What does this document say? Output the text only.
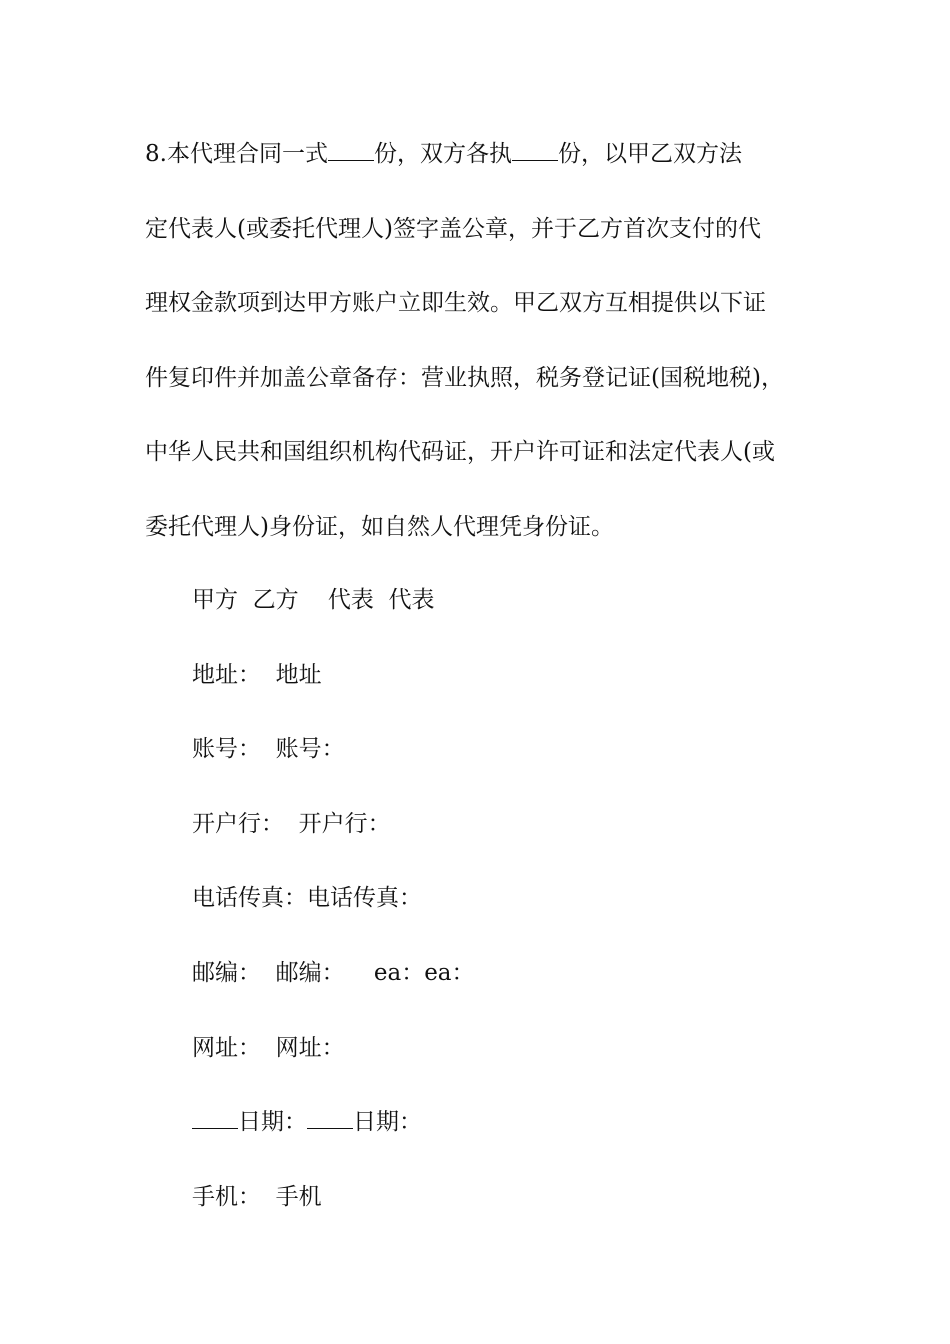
8.本代理合同一式 份，双方各执 份，以甲乙双方法
定代表人(或委托代理人)签字盖公章，并于乙方首次支付的代
理权金款项到达甲方账户立即生效。甲乙双方互相提供以下证
件复印件并加盖公章备存：营业执照，税务登记证(国税地税)，
中华人民共和国组织机构代码证，开户许可证和法定代表人(或
委托代理人)身份证，如自然人代理凭身份证。
甲方  乙方    代表  代表
地址：  地址
账号：  账号：
开户行：  开户行：
电话传真：电话传真：
邮编：  邮编：    ea：ea：
网址：  网址：
日期： 日期：
手机：  手机
